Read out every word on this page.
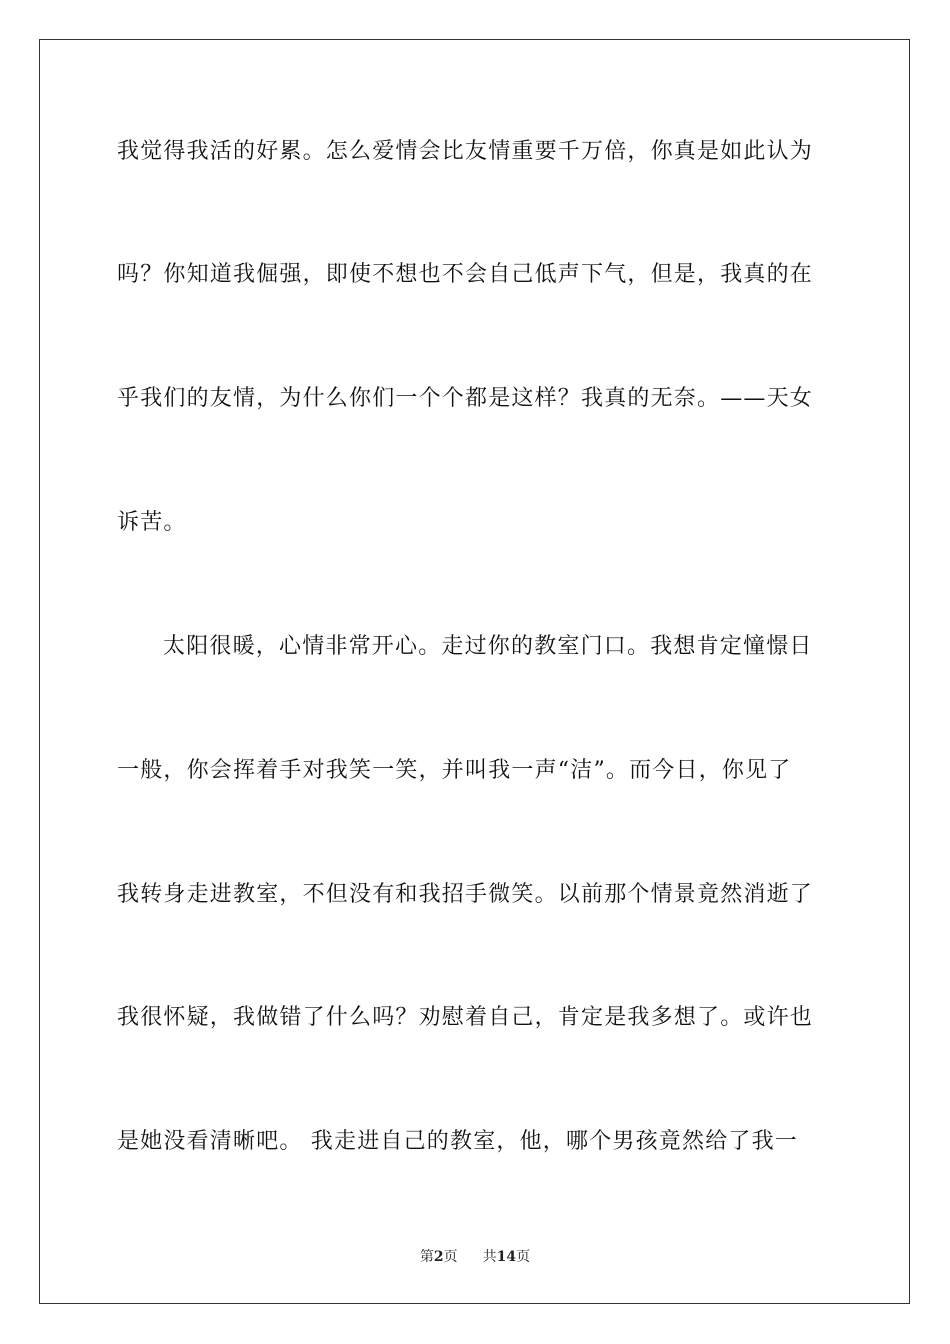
我觉得我活的好累。怎么爱情会比友情重要千万倍，你真是如此认为
吗？你知道我倔强，即使不想也不会自己低声下气，但是，我真的在
乎我们的友情，为什么你们一个个都是这样？我真的无奈。——天女
诉苦。
太阳很暖，心情非常开心。走过你的教室门口。我想肯定憧憬日
一般，你会挥着手对我笑一笑，并叫我一声“洁”。而今日，你见了
我转身走进教室，不但没有和我招手微笑。以前那个情景竟然消逝了
我很怀疑，我做错了什么吗？劝慰着自己，肯定是我多想了。或许也
是她没看清晰吧。 我走进自己的教室，他，哪个男孩竟然给了我一
第2页 共14页
